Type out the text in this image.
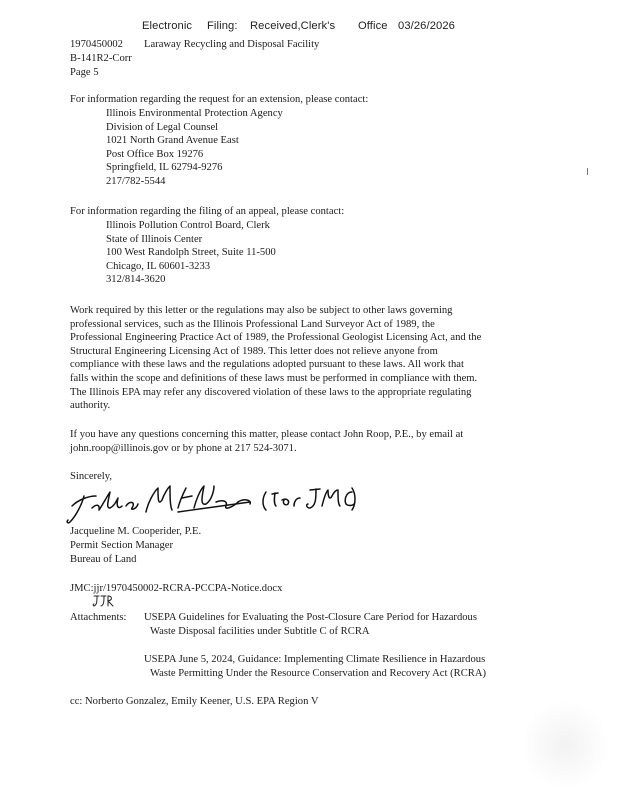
Electronic Filing: Received,Clerk's Office 03/26/2026
1970450002 Laraway Recycling and Disposal Facility
B-141R2-Corr
Page 5
For information regarding the request for an extension, please contact:
Illinois Environmental Protection Agency
Division of Legal Counsel
1021 North Grand Avenue East
Post Office Box 19276
Springfield, IL 62794-9276
217/782-5544
For information regarding the filing of an appeal, please contact:
Illinois Pollution Control Board, Clerk
State of Illinois Center
100 West Randolph Street, Suite 11-500
Chicago, IL 60601-3233
312/814-3620
Work required by this letter or the regulations may also be subject to other laws governing
professional services, such as the Illinois Professional Land Surveyor Act of 1989, the
Professional Engineering Practice Act of 1989, the Professional Geologist Licensing Act, and the
Structural Engineering Licensing Act of 1989. This letter does not relieve anyone from
compliance with these laws and the regulations adopted pursuant to these laws. All work that
falls within the scope and definitions of these laws must be performed in compliance with them.
The Illinois EPA may refer any discovered violation of these laws to the appropriate regulating
authority.
If you have any questions concerning this matter, please contact John Roop, P.E., by email at
john.roop@illinois.gov or by phone at 217 524-3071.
Sincerely,
Jacqueline M. Cooperider, P.E.
Permit Section Manager
Bureau of Land
JMC:jjr/1970450002-RCRA-PCCPA-Notice.docx
Attachments: USEPA Guidelines for Evaluating the Post-Closure Care Period for Hazardous
Waste Disposal facilities under Subtitle C of RCRA
USEPA June 5, 2024, Guidance: Implementing Climate Resilience in Hazardous
Waste Permitting Under the Resource Conservation and Recovery Act (RCRA)
cc: Norberto Gonzalez, Emily Keener, U.S. EPA Region V
